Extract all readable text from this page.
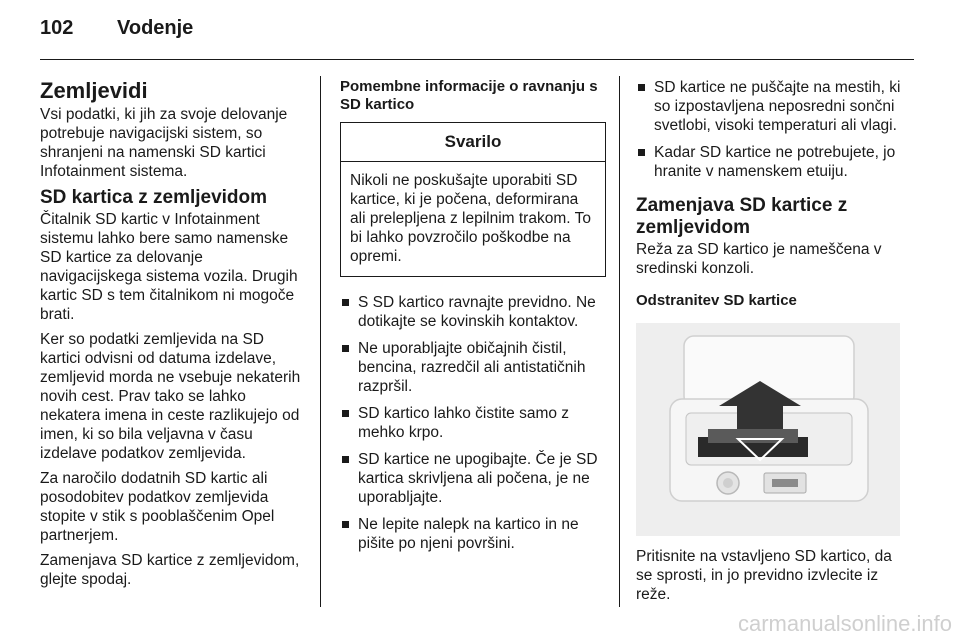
102 Vodenje
Zemljevidi

Vsi podatki, ki jih za svoje delovanje potrebuje navigacijski sistem, so shranjeni na namenski SD kartici Infotainment sistema.

SD kartica z zemljevidom

Čitalnik SD kartic v Infotainment sistemu lahko bere samo namenske SD kartice za delovanje navigacijskega sistema vozila. Drugih kartic SD s tem čitalnikom ni mogoče brati.

Ker so podatki zemljevida na SD kartici odvisni od datuma izdelave, zemljevid morda ne vsebuje nekaterih novih cest. Prav tako se lahko nekatera imena in ceste razlikujejo od imen, ki so bila veljavna v času izdelave podatkov zemljevida.

Za naročilo dodatnih SD kartic ali posodobitev podatkov zemljevida stopite v stik s pooblaščenim Opel partnerjem.

Zamenjava SD kartice z zemljevidom, glejte spodaj.

Pomembne informacije o ravnanju s SD kartico
Svarilo
Nikoli ne poskušajte uporabiti SD kartice, ki je počena, deformirana ali prelepljena z lepilnim trakom. To bi lahko povzročilo poškodbe na opremi.
S SD kartico ravnajte previdno. Ne dotikajte se kovinskih kontaktov.
Ne uporabljajte običajnih čistil, bencina, razredčil ali antistatičnih razpršil.
SD kartico lahko čistite samo z mehko krpo.
SD kartice ne upogibajte. Če je SD kartica skrivljena ali počena, je ne uporabljajte.
Ne lepite nalepk na kartico in ne pišite po njeni površini.
SD kartice ne puščajte na mestih, ki so izpostavljena neposredni sončni svetlobi, visoki temperaturi ali vlagi.
Kadar SD kartice ne potrebujete, jo hranite v namenskem etuiju.
Zamenjava SD kartice z zemljevidom

Reža za SD kartico je nameščena v sredinski konzoli.

Odstranitev SD kartice

Pritisnite na vstavljeno SD kartico, da se sprosti, in jo previdno izvlecite iz reže.

carmanualsonline.info
